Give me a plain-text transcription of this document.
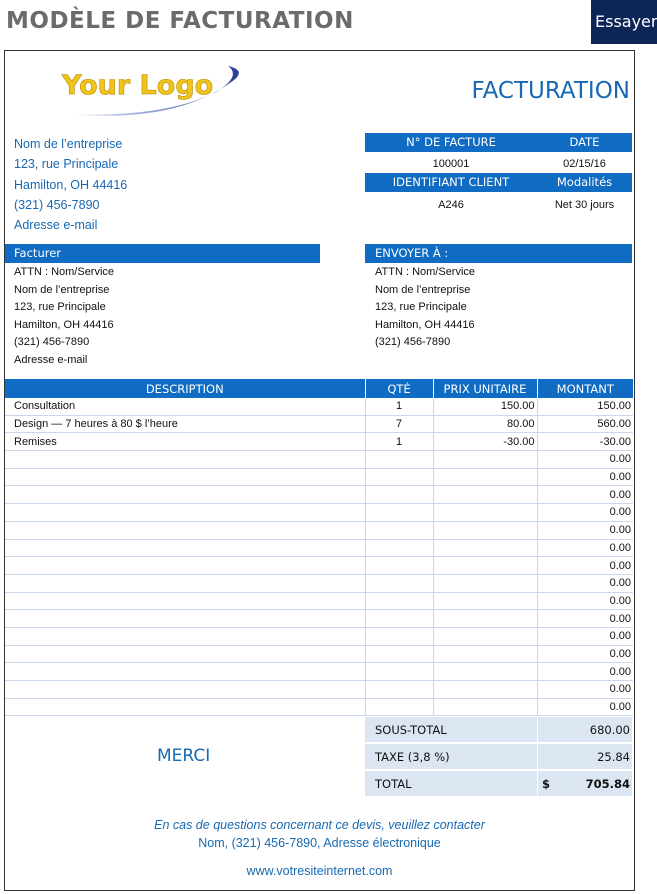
MODÈLE DE FACTURATION	Essayer
Your Logo	FACTURATION
Nom de l’entreprise
123, rue Principale
Hamilton, OH 44416
(321) 456-7890
Adresse e-mail
N° DE FACTURE	DATE
100001	02/15/16
IDENTIFIANT CLIENT	Modalités
A246	Net 30 jours
Facturer	ENVOYER À :
ATTN : Nom/Service
Nom de l’entreprise
123, rue Principale
Hamilton, OH 44416
(321) 456-7890
Adresse e-mail
ATTN : Nom/Service
Nom de l’entreprise
123, rue Principale
Hamilton, OH 44416
(321) 456-7890
DESCRIPTION	QTÉ	PRIX UNITAIRE	MONTANT
Consultation	1	150.00	150.00
Design — 7 heures à 80 $ l’heure	7	80.00	560.00
Remises	1	-30.00	-30.00
			0.00
			0.00
			0.00
			0.00
			0.00
			0.00
			0.00
			0.00
			0.00
			0.00
			0.00
			0.00
			0.00
			0.00
			0.00
SOUS-TOTAL	680.00
TAXE (3,8 %)	25.84
TOTAL	$	705.84
MERCI
En cas de questions concernant ce devis, veuillez contacter
Nom, (321) 456-7890, Adresse électronique
www.votresiteinternet.com
